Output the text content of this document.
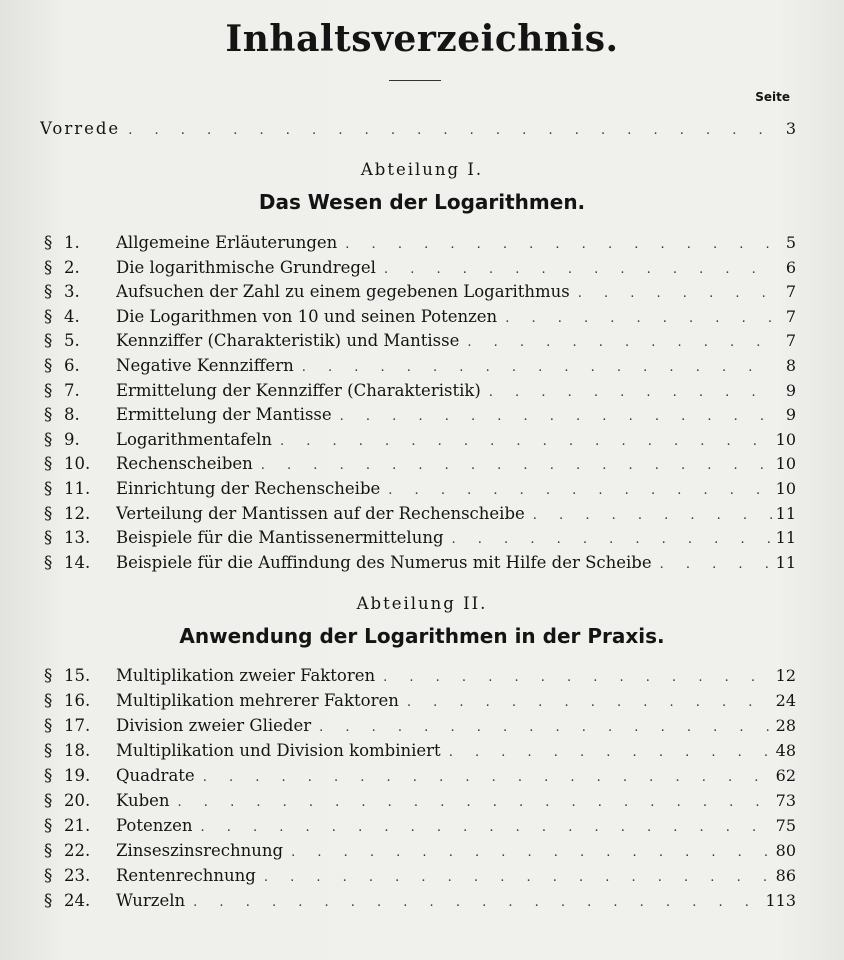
Inhaltsverzeichnis.
Seite
Vorrede . . .	3
Abteilung I.
Das Wesen der Logarithmen.
§ 1.	Allgemeine Erläuterungen . . .	5
§ 2.	Die logarithmische Grundregel . . .	6
§ 3.	Aufsuchen der Zahl zu einem gegebenen Logarithmus . . .	7
§ 4.	Die Logarithmen von 10 und seinen Potenzen . . .	7
§ 5.	Kennziffer (Charakteristik) und Mantisse . . .	7
§ 6.	Negative Kennziffern . . .	8
§ 7.	Ermittelung der Kennziffer (Charakteristik) . . .	9
§ 8.	Ermittelung der Mantisse . . .	9
§ 9.	Logarithmentafeln . . .	10
§ 10.	Rechenscheiben . . .	10
§ 11.	Einrichtung der Rechenscheibe . . .	10
§ 12.	Verteilung der Mantissen auf der Rechenscheibe . . .	11
§ 13.	Beispiele für die Mantissenermittelung . . .	11
§ 14.	Beispiele für die Auffindung des Numerus mit Hilfe der Scheibe . . .	11
Abteilung II.
Anwendung der Logarithmen in der Praxis.
§ 15.	Multiplikation zweier Faktoren . . .	12
§ 16.	Multiplikation mehrerer Faktoren . . .	24
§ 17.	Division zweier Glieder . . .	28
§ 18.	Multiplikation und Division kombiniert . . .	48
§ 19.	Quadrate . . .	62
§ 20.	Kuben . . .	73
§ 21.	Potenzen . . .	75
§ 22.	Zinseszinsrechnung . . .	80
§ 23.	Rentenrechnung . . .	86
§ 24.	Wurzeln . . .	113
